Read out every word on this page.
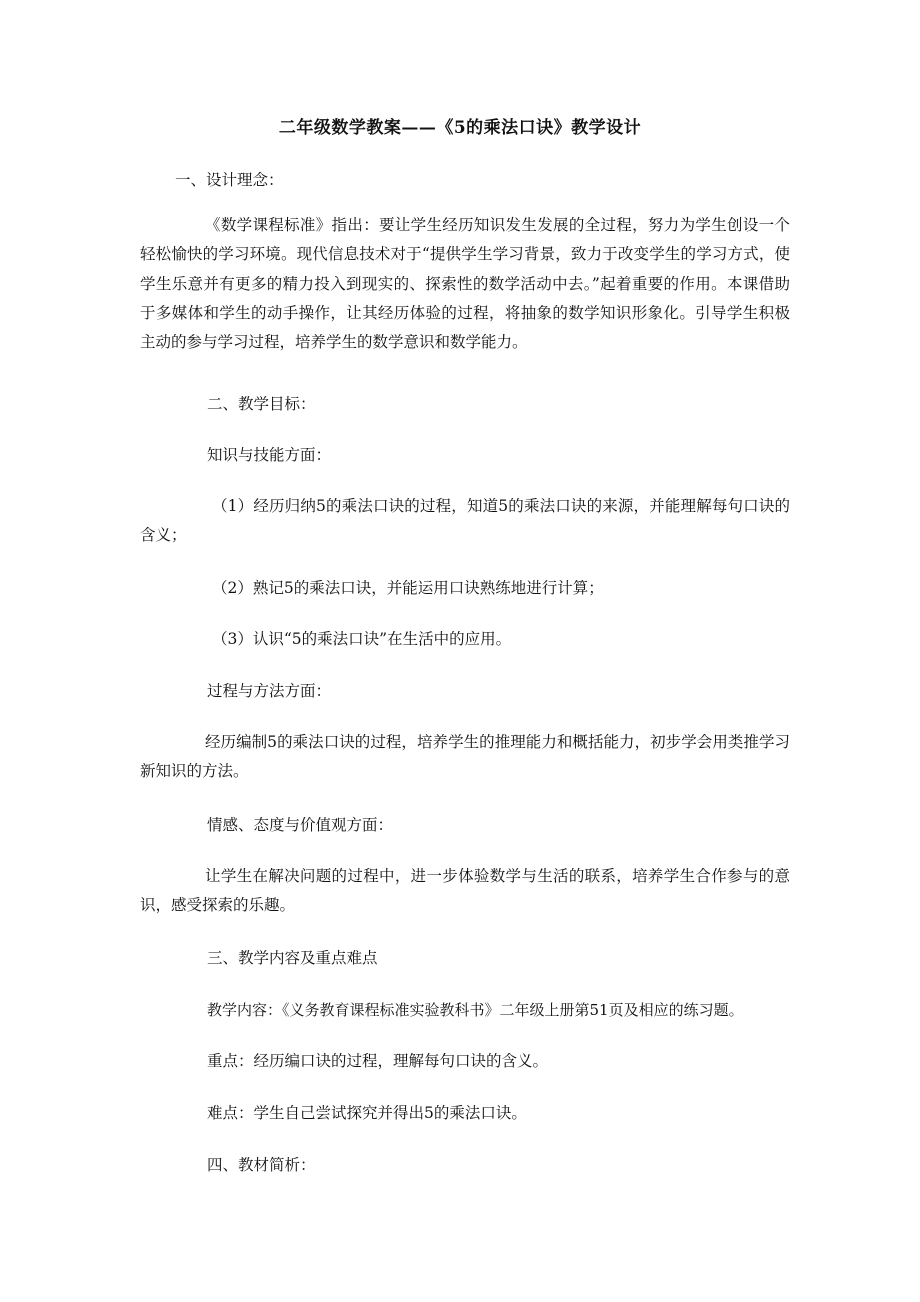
二年级数学教案——《5的乘法口诀》教学设计

一、设计理念：

《数学课程标准》指出：要让学生经历知识发生发展的全过程，努力为学生创设一个轻松愉快的学习环境。现代信息技术对于“提供学生学习背景，致力于改变学生的学习方式，使学生乐意并有更多的精力投入到现实的、探索性的数学活动中去。”起着重要的作用。本课借助于多媒体和学生的动手操作，让其经历体验的过程，将抽象的数学知识形象化。引导学生积极主动的参与学习过程，培养学生的数学意识和数学能力。

二、教学目标：

知识与技能方面：

（1）经历归纳5的乘法口诀的过程，知道5的乘法口诀的来源，并能理解每句口诀的含义；

（2）熟记5的乘法口诀，并能运用口诀熟练地进行计算；

（3）认识“5的乘法口诀”在生活中的应用。

过程与方法方面：

经历编制5的乘法口诀的过程，培养学生的推理能力和概括能力，初步学会用类推学习新知识的方法。

情感、态度与价值观方面：

让学生在解决问题的过程中，进一步体验数学与生活的联系，培养学生合作参与的意识，感受探索的乐趣。

三、教学内容及重点难点

教学内容：《义务教育课程标准实验教科书》二年级上册第51页及相应的练习题。

重点：经历编口诀的过程，理解每句口诀的含义。

难点：学生自己尝试探究并得出5的乘法口诀。

四、教材简析：
